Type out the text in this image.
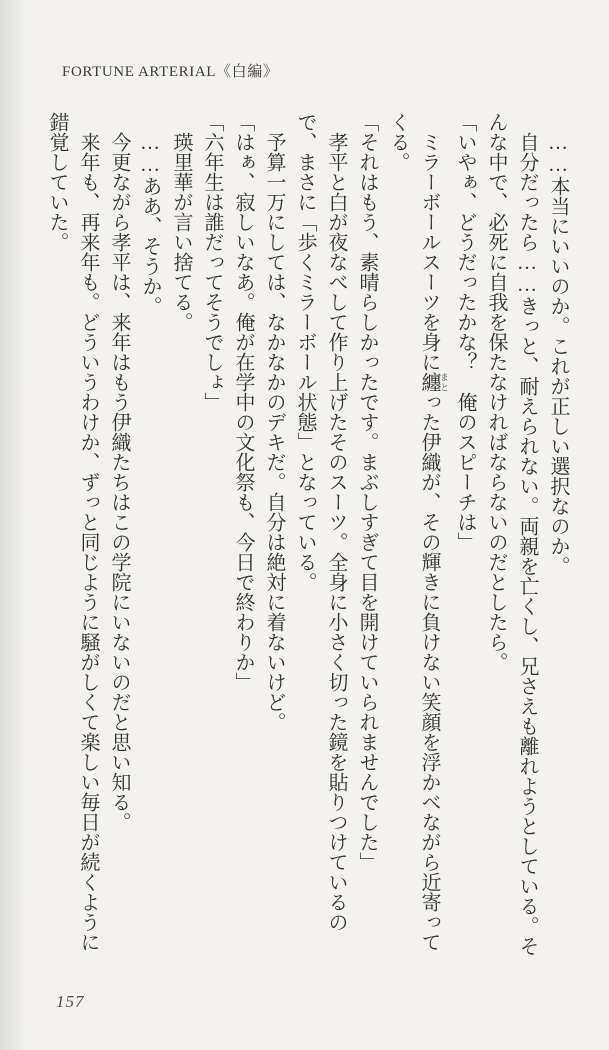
FORTUNE ARTERIAL《白編》

……本当にいいのか。これが正しい選択なのか。

自分だったら……きっと、耐えられない。両親を亡くし、兄さえも離れようとしている。そんな中で、必死に自我を保たなければならないのだとしたら。

「いやぁ、どうだったかな？　俺のスピーチは」

ミラーボールスーツを身に纏 まとった伊織が、その輝きに負けない笑顔を浮かべながら近寄ってくる。

「それはもう、素晴らしかったです。まぶしすぎて目を開けていられませんでした」

孝平と白が夜なべして作り上げたそのスーツ。全身に小さく切った鏡を貼りつけているので、まさに「歩くミラーボール状態」となっている。

予算一万にしては、なかなかのデキだ。自分は絶対に着ないけど。

「はぁ、寂しいなあ。俺が在学中の文化祭も、今日で終わりか」

「六年生は誰だってそうでしょ」

瑛里華が言い捨てる。

……ああ、そうか。

今更ながら孝平は、来年はもう伊織たちはこの学院にいないのだと思い知る。

来年も、再来年も。どういうわけか、ずっと同じように騒がしくて楽しい毎日が続くように錯覚していた。

157
